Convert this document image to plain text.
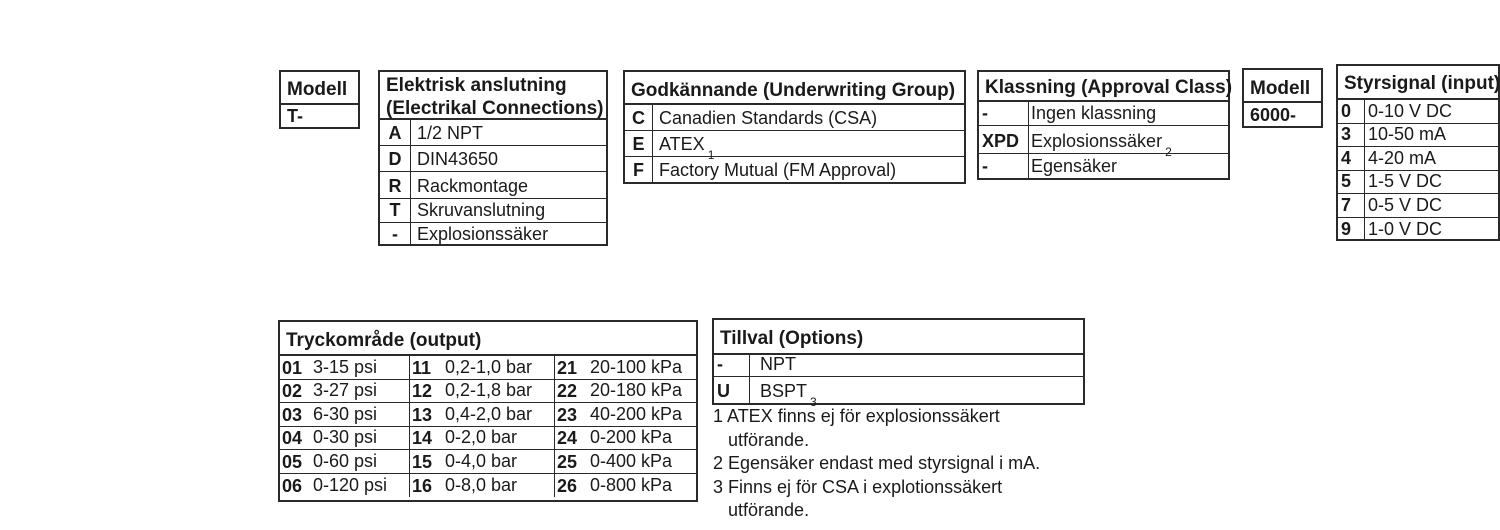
Modell
T-
Elektrisk anslutning
(Electrikal Connections)
A 1/2 NPT
D DIN43650
R Rackmontage
T Skruvanslutning
-	Explosionssäker
Godkännande (Underwriting Group)
C Canadien Standards (CSA)
E ATEX
1
F Factory Mutual (FM Approval)
Klassning (Approval Class)
-	Ingen klassning
XPD Explosionssäker
2
-	Egensäker
Modell
6000-
Styrsignal (input)
0 0-10 V DC
3 10-50 mA
4 4-20 mA
5 1-5 V DC
7 0-5 V DC
9 1-0 V DC
Tryckområde (output)
01 3-15 psi 11 0,2-1,0 bar 21 20-100 kPa
02 3-27 psi 12 0,2-1,8 bar 22 20-180 kPa
03 6-30 psi 13 0,4-2,0 bar 23 40-200 kPa
04 0-30 psi 14 0-2,0 bar 24 0-200 kPa
05 0-60 psi 15 0-4,0 bar 25 0-400 kPa
06 0-120 psi 16 0-8,0 bar 26 0-800 kPa
Tillval (Options)
-	NPT
U	BSPT
3
1 ATEX finns ej för explosionssäkert
utförande.
2 Egensäker endast med styrsignal i mA.
3 Finns ej för CSA i explotionssäkert
utförande.
